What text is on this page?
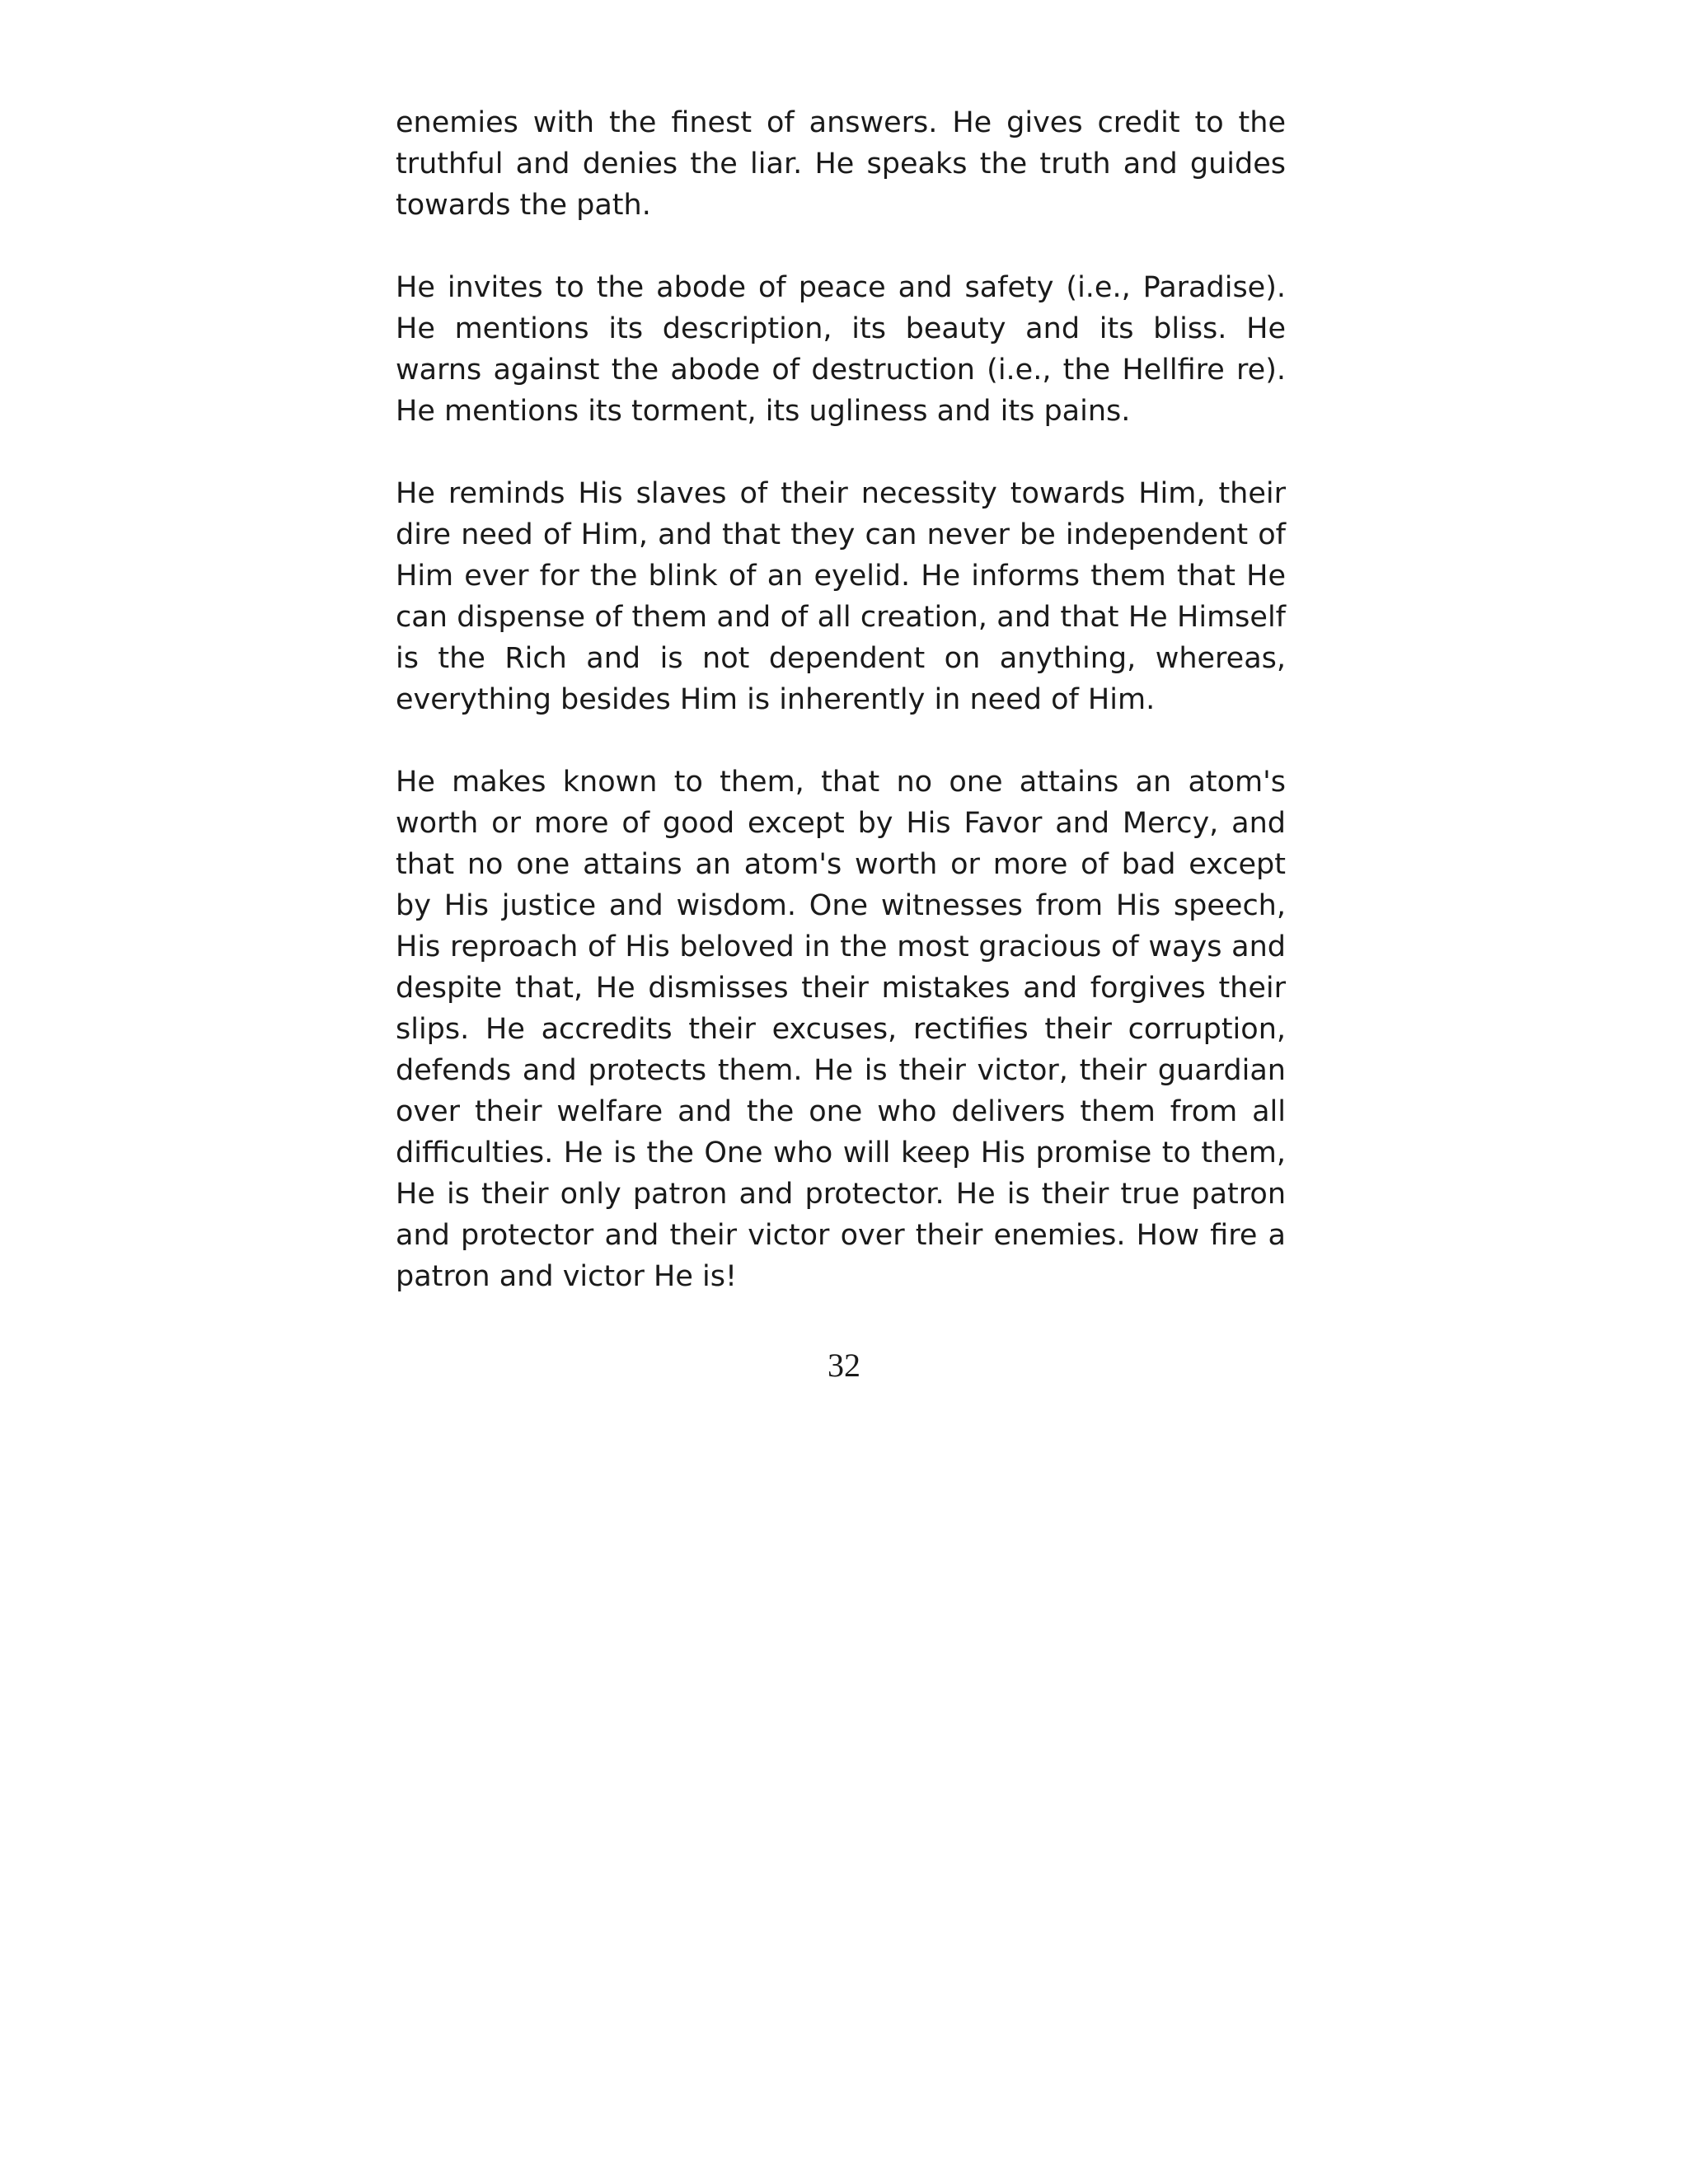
enemies with the finest of answers. He gives credit to the truthful and denies the liar. He speaks the truth and guides towards the path.

He invites to the abode of peace and safety (i.e., Paradise). He mentions its description, its beauty and its bliss. He warns against the abode of destruction (i.e., the Hellfire re). He mentions its torment, its ugliness and its pains.

He reminds His slaves of their necessity towards Him, their dire need of Him, and that they can never be independent of Him ever for the blink of an eyelid. He informs them that He can dispense of them and of all creation, and that He Himself is the Rich and is not dependent on anything, whereas, everything besides Him is inherently in need of Him.

He makes known to them, that no one attains an atom's worth or more of good except by His Favor and Mercy, and that no one attains an atom's worth or more of bad except by His justice and wisdom. One witnesses from His speech, His reproach of His beloved in the most gracious of ways and despite that, He dismisses their mistakes and forgives their slips. He accredits their excuses, rectifies their corruption, defends and protects them. He is their victor, their guardian over their welfare and the one who delivers them from all difficulties. He is the One who will keep His promise to them, He is their only patron and protector. He is their true patron and protector and their victor over their enemies. How fire a patron and victor He is!

32
